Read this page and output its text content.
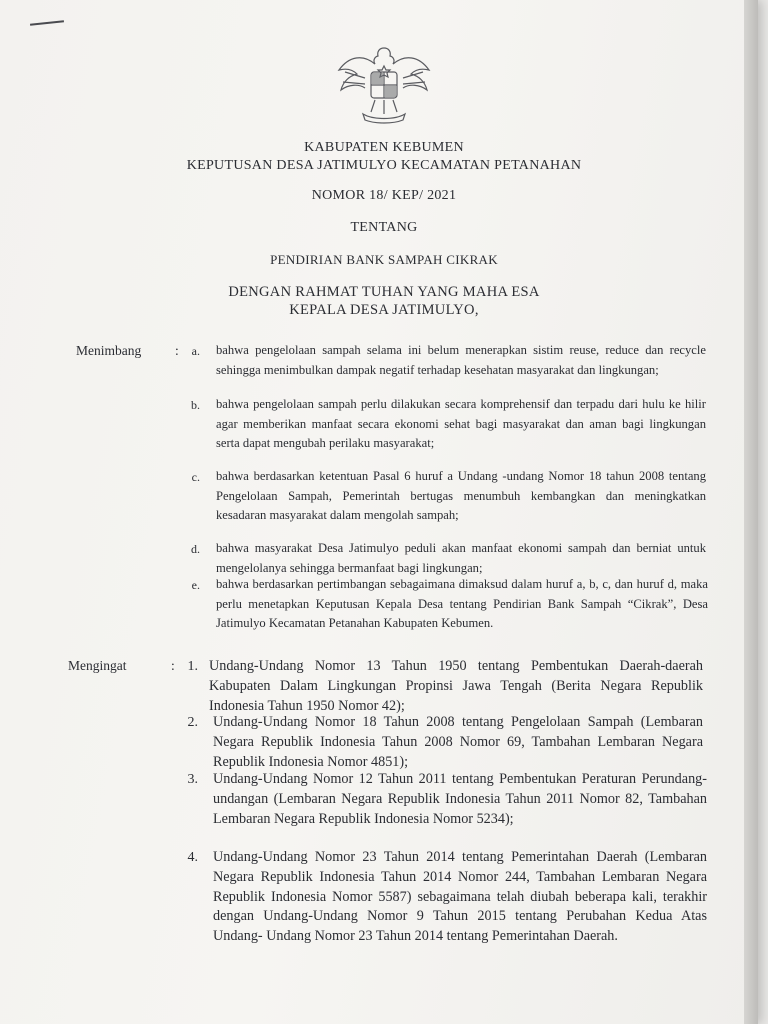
KABUPATEN KEBUMEN
KEPUTUSAN DESA JATIMULYO KECAMATAN PETANAHAN
NOMOR 18/ KEP/ 2021
TENTANG
PENDIRIAN BANK SAMPAH CIKRAK
DENGAN RAHMAT TUHAN YANG MAHA ESA
KEPALA DESA JATIMULYO,
Menimbang	:	a. bahwa pengelolaan sampah selama ini belum menerapkan sistim reuse, reduce dan recycle sehingga menimbulkan dampak negatif terhadap kesehatan masyarakat dan lingkungan;
b. bahwa pengelolaan sampah perlu dilakukan secara komprehensif dan terpadu dari hulu ke hilir agar memberikan manfaat secara ekonomi sehat bagi masyarakat dan aman bagi lingkungan serta dapat mengubah perilaku masyarakat;
c. bahwa berdasarkan ketentuan Pasal 6 huruf a Undang -undang Nomor 18 tahun 2008 tentang Pengelolaan Sampah, Pemerintah bertugas menumbuh kembangkan dan meningkatkan kesadaran masyarakat dalam mengolah sampah;
d. bahwa masyarakat Desa Jatimulyo peduli akan manfaat ekonomi sampah dan berniat untuk mengelolanya sehingga bermanfaat bagi lingkungan;
e. bahwa berdasarkan pertimbangan sebagaimana dimaksud dalam huruf a, b, c, dan huruf d, maka perlu menetapkan Keputusan Kepala Desa tentang Pendirian Bank Sampah “Cikrak”, Desa Jatimulyo Kecamatan Petanahan Kabupaten Kebumen.
Mengingat	: 1. Undang-Undang Nomor 13 Tahun 1950 tentang Pembentukan Daerah-daerah Kabupaten Dalam Lingkungan Propinsi Jawa Tengah (Berita Negara Republik Indonesia Tahun 1950 Nomor 42);
2. Undang-Undang Nomor 18 Tahun 2008 tentang Pengelolaan Sampah (Lembaran Negara Republik Indonesia Tahun 2008 Nomor 69, Tambahan Lembaran Negara Republik Indonesia Nomor 4851);
3. Undang-Undang Nomor 12 Tahun 2011 tentang Pembentukan Peraturan Perundang-undangan (Lembaran Negara Republik Indonesia Tahun 2011 Nomor 82, Tambahan Lembaran Negara Republik Indonesia Nomor 5234);
4. Undang-Undang Nomor 23 Tahun 2014 tentang Pemerintahan Daerah (Lembaran Negara Republik Indonesia Tahun 2014 Nomor 244, Tambahan Lembaran Negara Republik Indonesia Nomor 5587) sebagaimana telah diubah beberapa kali, terakhir dengan Undang-Undang Nomor 9 Tahun 2015 tentang Perubahan Kedua Atas Undang- Undang Nomor 23 Tahun 2014 tentang Pemerintahan Daerah.
